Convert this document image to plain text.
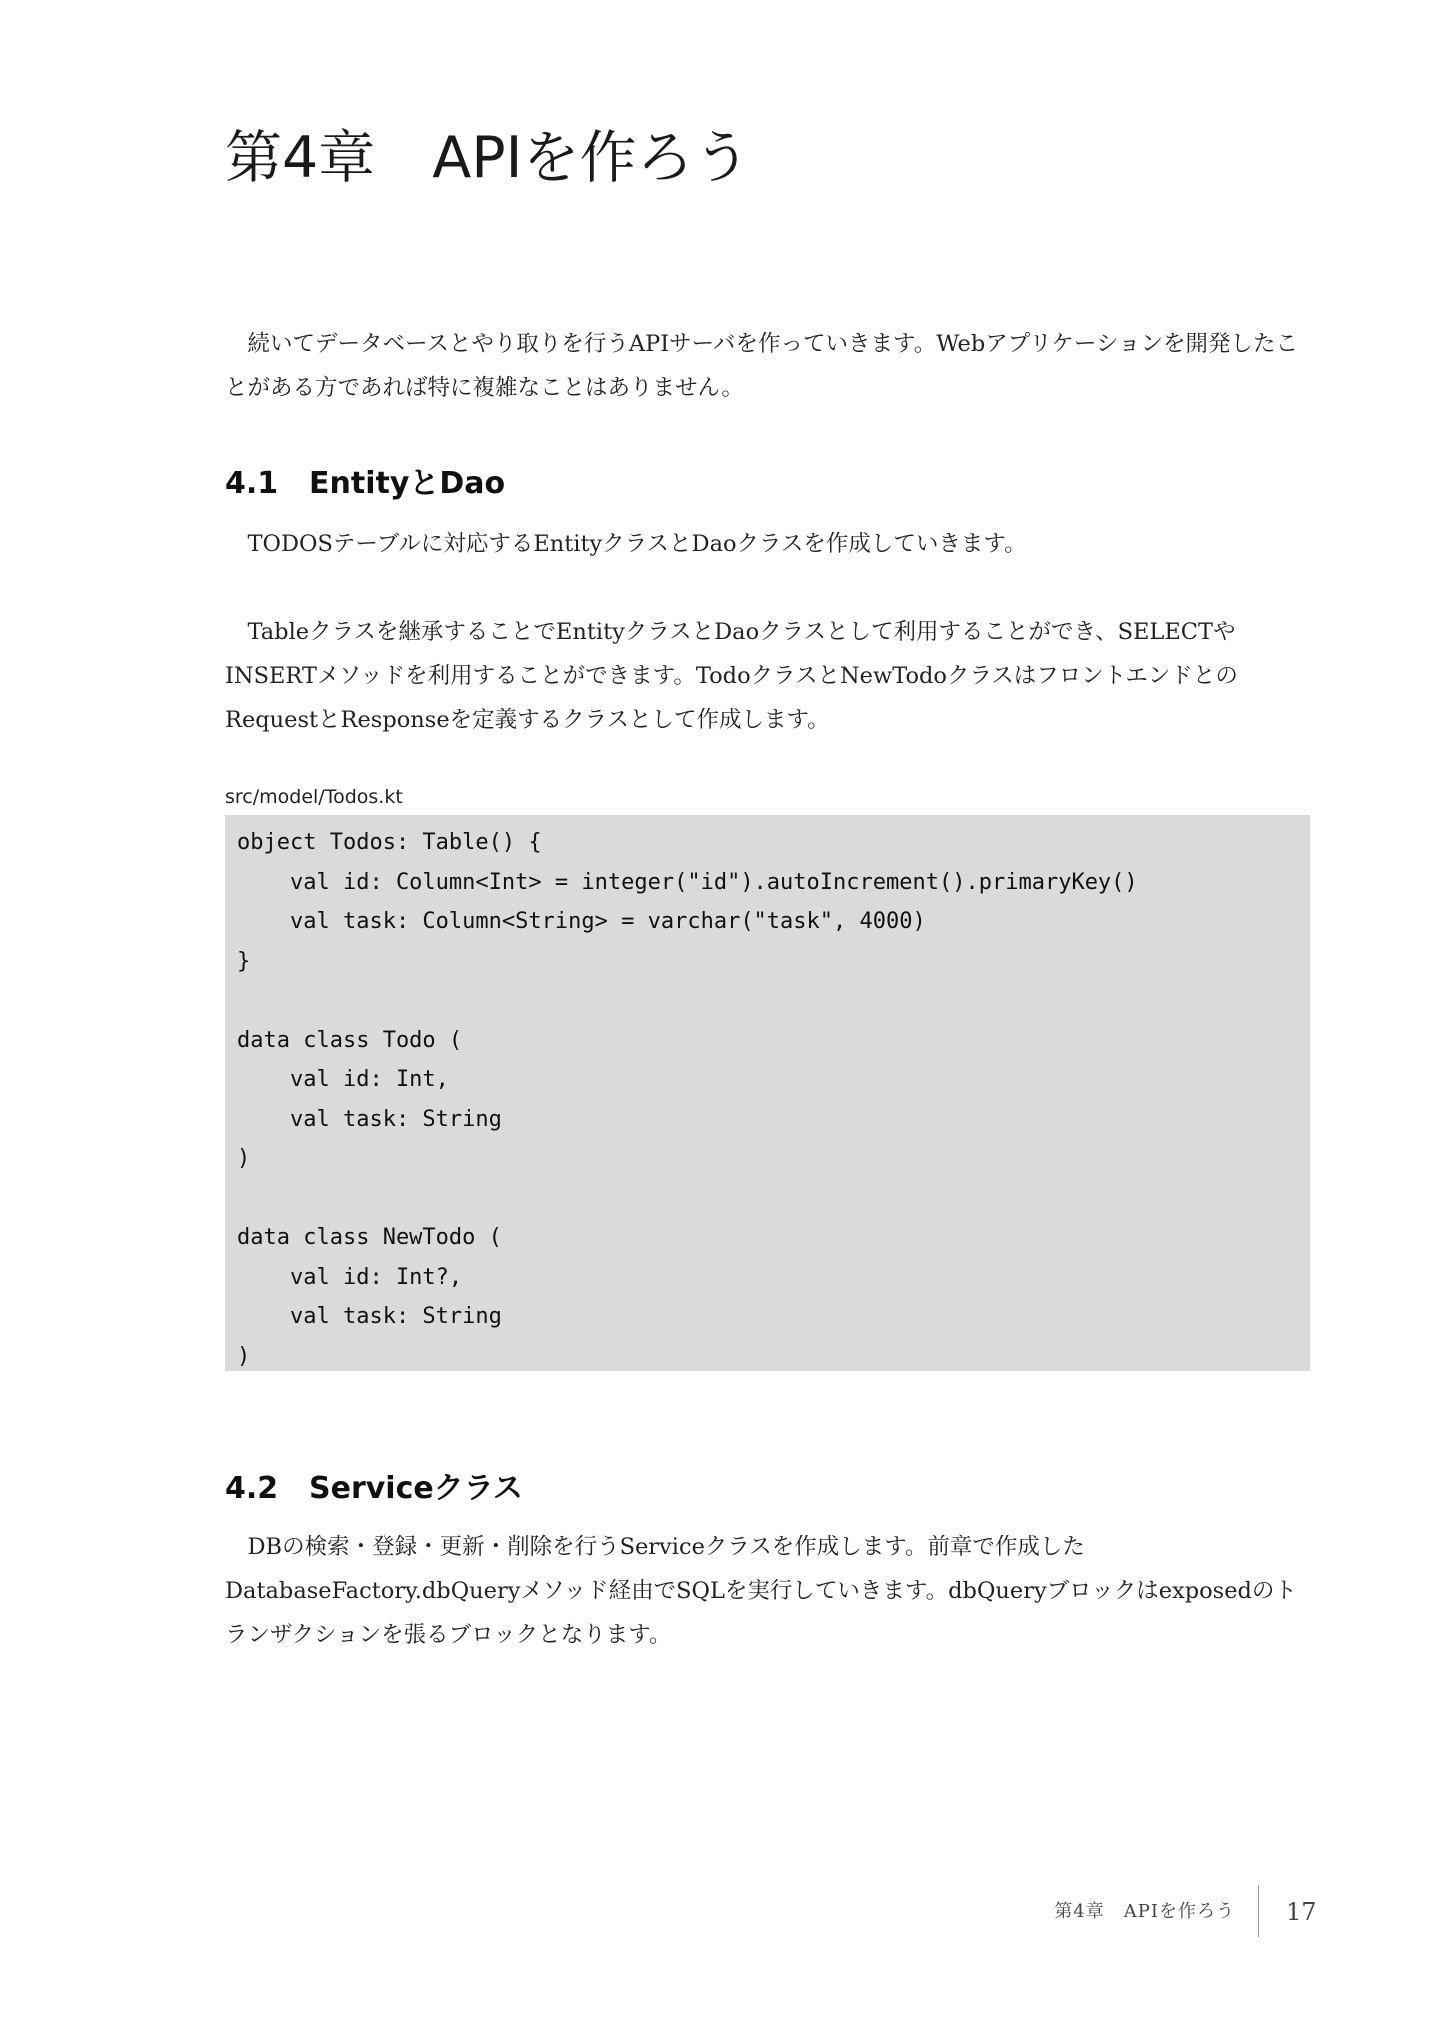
第4章　APIを作ろう

続いてデータベースとやり取りを行うAPIサーバを作っていきます。Webアプリケーションを開発したことがある方であれば特に複雑なことはありません。

4.1 EntityとDao

TODOSテーブルに対応するEntityクラスとDaoクラスを作成していきます。

Tableクラスを継承することでEntityクラスとDaoクラスとして利用することができ、SELECTやINSERTメソッドを利用することができます。TodoクラスとNewTodoクラスはフロントエンドとのRequestとResponseを定義するクラスとして作成します。

src/model/Todos.kt
object Todos: Table() {
val id: Column<Int> = integer("id").autoIncrement().primaryKey()
val task: Column<String> = varchar("task", 4000)
}
data class Todo (
val id: Int,
val task: String
)
data class NewTodo (
val id: Int?,
val task: String
)
4.2 Serviceクラス

DBの検索・登録・更新・削除を行うServiceクラスを作成します。前章で作成したDatabaseFactory.dbQueryメソッド経由でSQLを実行していきます。dbQueryブロックはexposedのトランザクションを張るブロックとなります。

第4章　APIを作ろう 17
